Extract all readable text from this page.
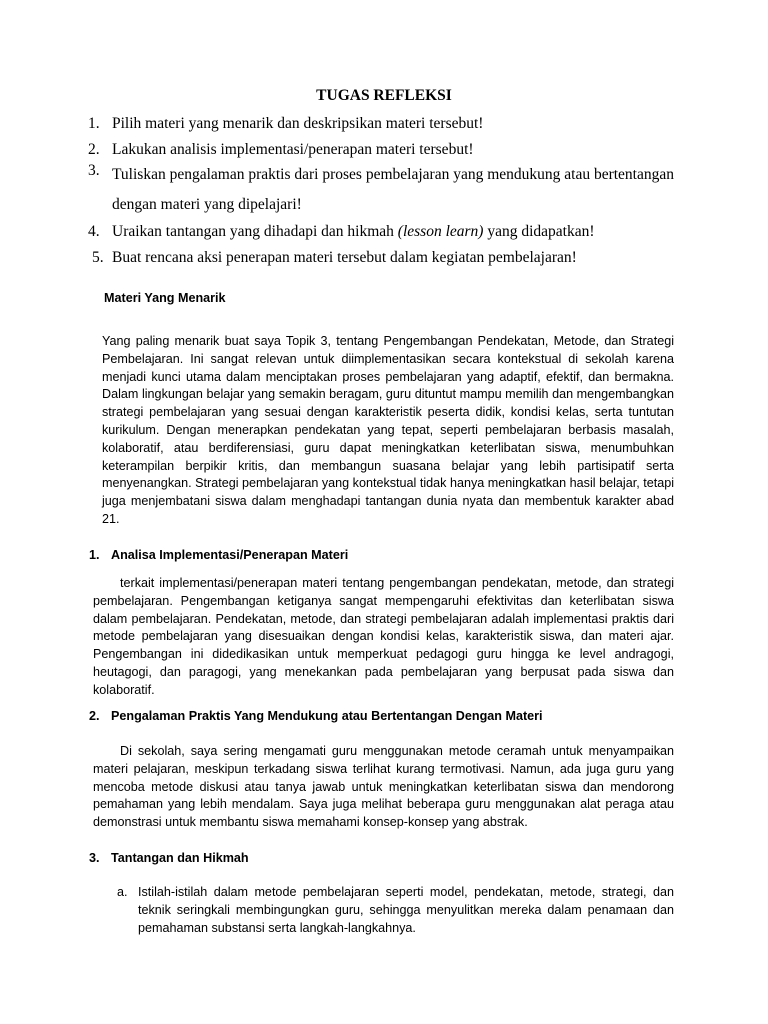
TUGAS REFLEKSI
1. Pilih materi yang menarik dan deskripsikan materi tersebut!
2. Lakukan analisis implementasi/penerapan materi tersebut!
3. Tuliskan pengalaman praktis dari proses pembelajaran yang mendukung atau bertentangan dengan materi yang dipelajari!
4. Uraikan tantangan yang dihadapi dan hikmah (lesson learn) yang didapatkan!
5. Buat rencana aksi penerapan materi tersebut dalam kegiatan pembelajaran!
Materi Yang Menarik

Yang paling menarik buat saya Topik 3, tentang Pengembangan Pendekatan, Metode, dan Strategi Pembelajaran. Ini sangat relevan untuk diimplementasikan secara kontekstual di sekolah karena menjadi kunci utama dalam menciptakan proses pembelajaran yang adaptif, efektif, dan bermakna. Dalam lingkungan belajar yang semakin beragam, guru dituntut mampu memilih dan mengembangkan strategi pembelajaran yang sesuai dengan karakteristik peserta didik, kondisi kelas, serta tuntutan kurikulum. Dengan menerapkan pendekatan yang tepat, seperti pembelajaran berbasis masalah, kolaboratif, atau berdiferensiasi, guru dapat meningkatkan keterlibatan siswa, menumbuhkan keterampilan berpikir kritis, dan membangun suasana belajar yang lebih partisipatif serta menyenangkan. Strategi pembelajaran yang kontekstual tidak hanya meningkatkan hasil belajar, tetapi juga menjembatani siswa dalam menghadapi tantangan dunia nyata dan membentuk karakter abad 21.

1. Analisa Implementasi/Penerapan Materi

terkait implementasi/penerapan materi tentang pengembangan pendekatan, metode, dan strategi pembelajaran. Pengembangan ketiganya sangat mempengaruhi efektivitas dan keterlibatan siswa dalam pembelajaran. Pendekatan, metode, dan strategi pembelajaran adalah implementasi praktis dari metode pembelajaran yang disesuaikan dengan kondisi kelas, karakteristik siswa, dan materi ajar. Pengembangan ini didedikasikan untuk memperkuat pedagogi guru hingga ke level andragogi, heutagogi, dan paragogi, yang menekankan pada pembelajaran yang berpusat pada siswa dan kolaboratif.

2. Pengalaman Praktis Yang Mendukung atau Bertentangan Dengan Materi

Di sekolah, saya sering mengamati guru menggunakan metode ceramah untuk menyampaikan materi pelajaran, meskipun terkadang siswa terlihat kurang termotivasi. Namun, ada juga guru yang mencoba metode diskusi atau tanya jawab untuk meningkatkan keterlibatan siswa dan mendorong pemahaman yang lebih mendalam. Saya juga melihat beberapa guru menggunakan alat peraga atau demonstrasi untuk membantu siswa memahami konsep-konsep yang abstrak.

3. Tantangan dan Hikmah
a. Istilah-istilah dalam metode pembelajaran seperti model, pendekatan, metode, strategi, dan teknik seringkali membingungkan guru, sehingga menyulitkan mereka dalam penamaan dan pemahaman substansi serta langkah-langkahnya.
